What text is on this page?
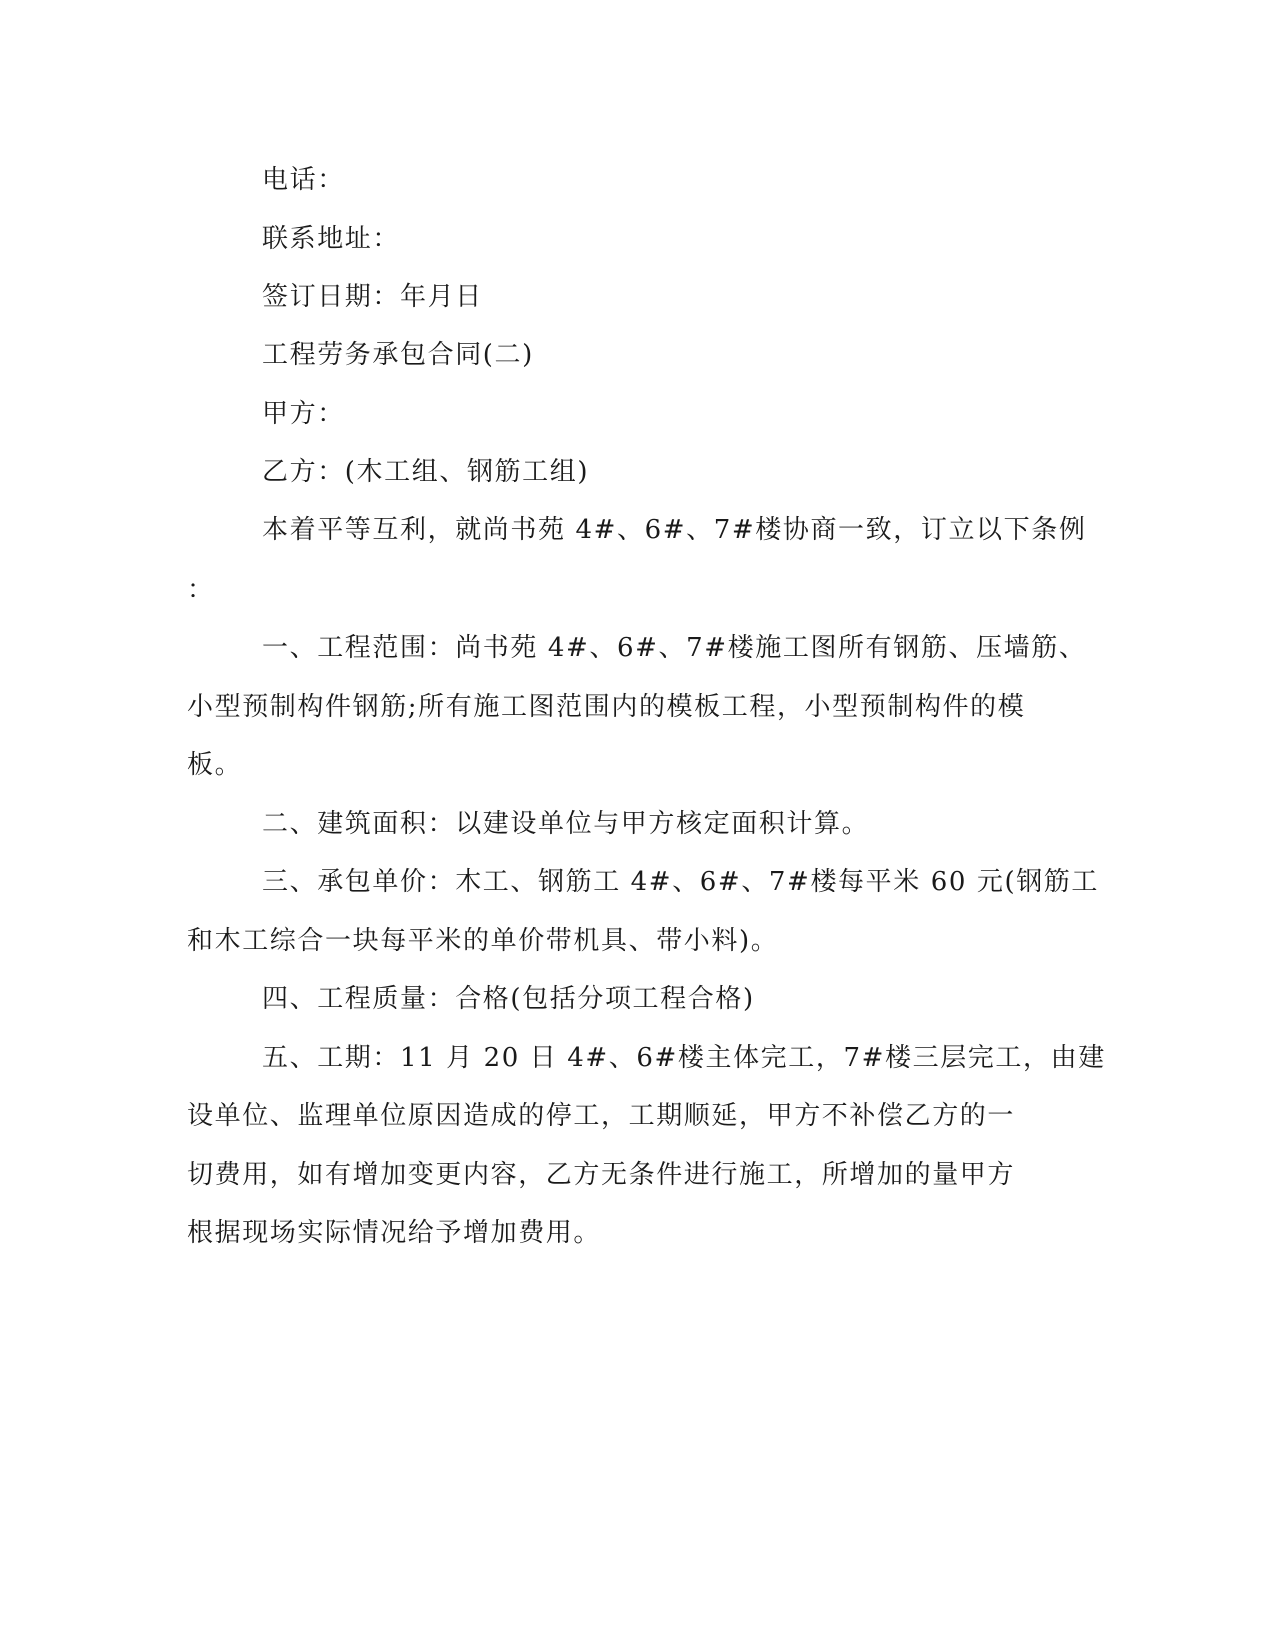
电话：
联系地址：
签订日期：年月日
工程劳务承包合同(二)
甲方：
乙方：(木工组、钢筋工组)
本着平等互利，就尚书苑 4#、6#、7#楼协商一致，订立以下条例
：
一、工程范围：尚书苑 4#、6#、7#楼施工图所有钢筋、压墙筋、
小型预制构件钢筋;所有施工图范围内的模板工程，小型预制构件的模
板。
二、建筑面积：以建设单位与甲方核定面积计算。
三、承包单价：木工、钢筋工 4#、6#、7#楼每平米 60 元(钢筋工
和木工综合一块每平米的单价带机具、带小料)。
四、工程质量：合格(包括分项工程合格)
五、工期：11 月 20 日 4#、6#楼主体完工，7#楼三层完工，由建
设单位、监理单位原因造成的停工，工期顺延，甲方不补偿乙方的一
切费用，如有增加变更内容，乙方无条件进行施工，所增加的量甲方
根据现场实际情况给予增加费用。
